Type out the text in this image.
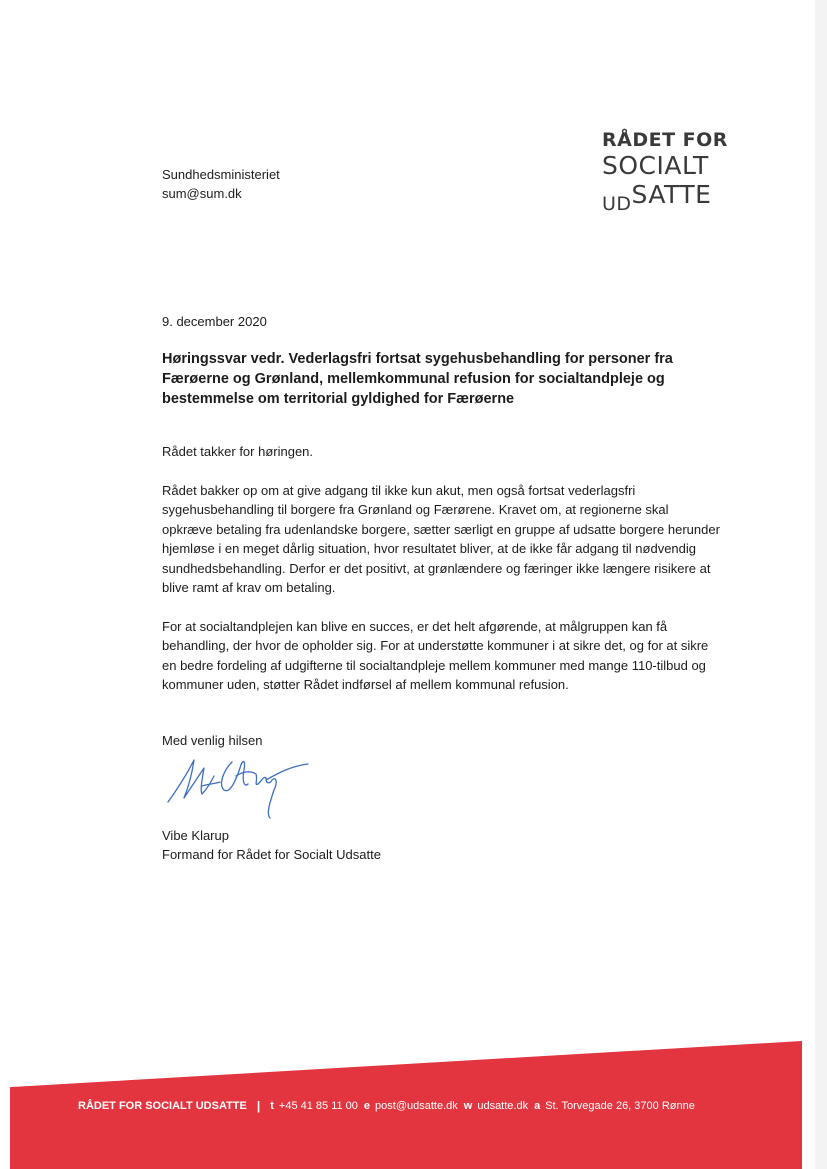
Sundhedsministeriet
sum@sum.dk
RÅDET FOR
SOCIALT
$_{UD}$SATTE
9. december 2020
Høringssvar vedr. Vederlagsfri fortsat sygehusbehandling for personer fra Færøerne og Grønland, mellemkommunal refusion for socialtandpleje og bestemmelse om territorial gyldighed for Færøerne

Rådet takker for høringen.

Rådet bakker op om at give adgang til ikke kun akut, men også fortsat vederlagsfri sygehusbehandling til borgere fra Grønland og Færørene. Kravet om, at regionerne skal opkræve betaling fra udenlandske borgere, sætter særligt en gruppe af udsatte borgere herunder hjemløse i en meget dårlig situation, hvor resultatet bliver, at de ikke får adgang til nødvendig sundhedsbehandling. Derfor er det positivt, at grønlændere og færinger ikke længere risikere at blive ramt af krav om betaling.

For at socialtandplejen kan blive en succes, er det helt afgørende, at målgruppen kan få behandling, der hvor de opholder sig. For at understøtte kommuner i at sikre det, og for at sikre en bedre fordeling af udgifterne til socialtandpleje mellem kommuner med mange 110-tilbud og kommuner uden, støtter Rådet indførsel af mellem kommunal refusion.

Med venlig hilsen
Vibe Klarup
Formand for Rådet for Socialt Udsatte
RÅDET FOR SOCIALT UDSATTE | t +45 41 85 11 00 e post@udsatte.dk w udsatte.dk a St. Torvegade 26, 3700 Rønne
